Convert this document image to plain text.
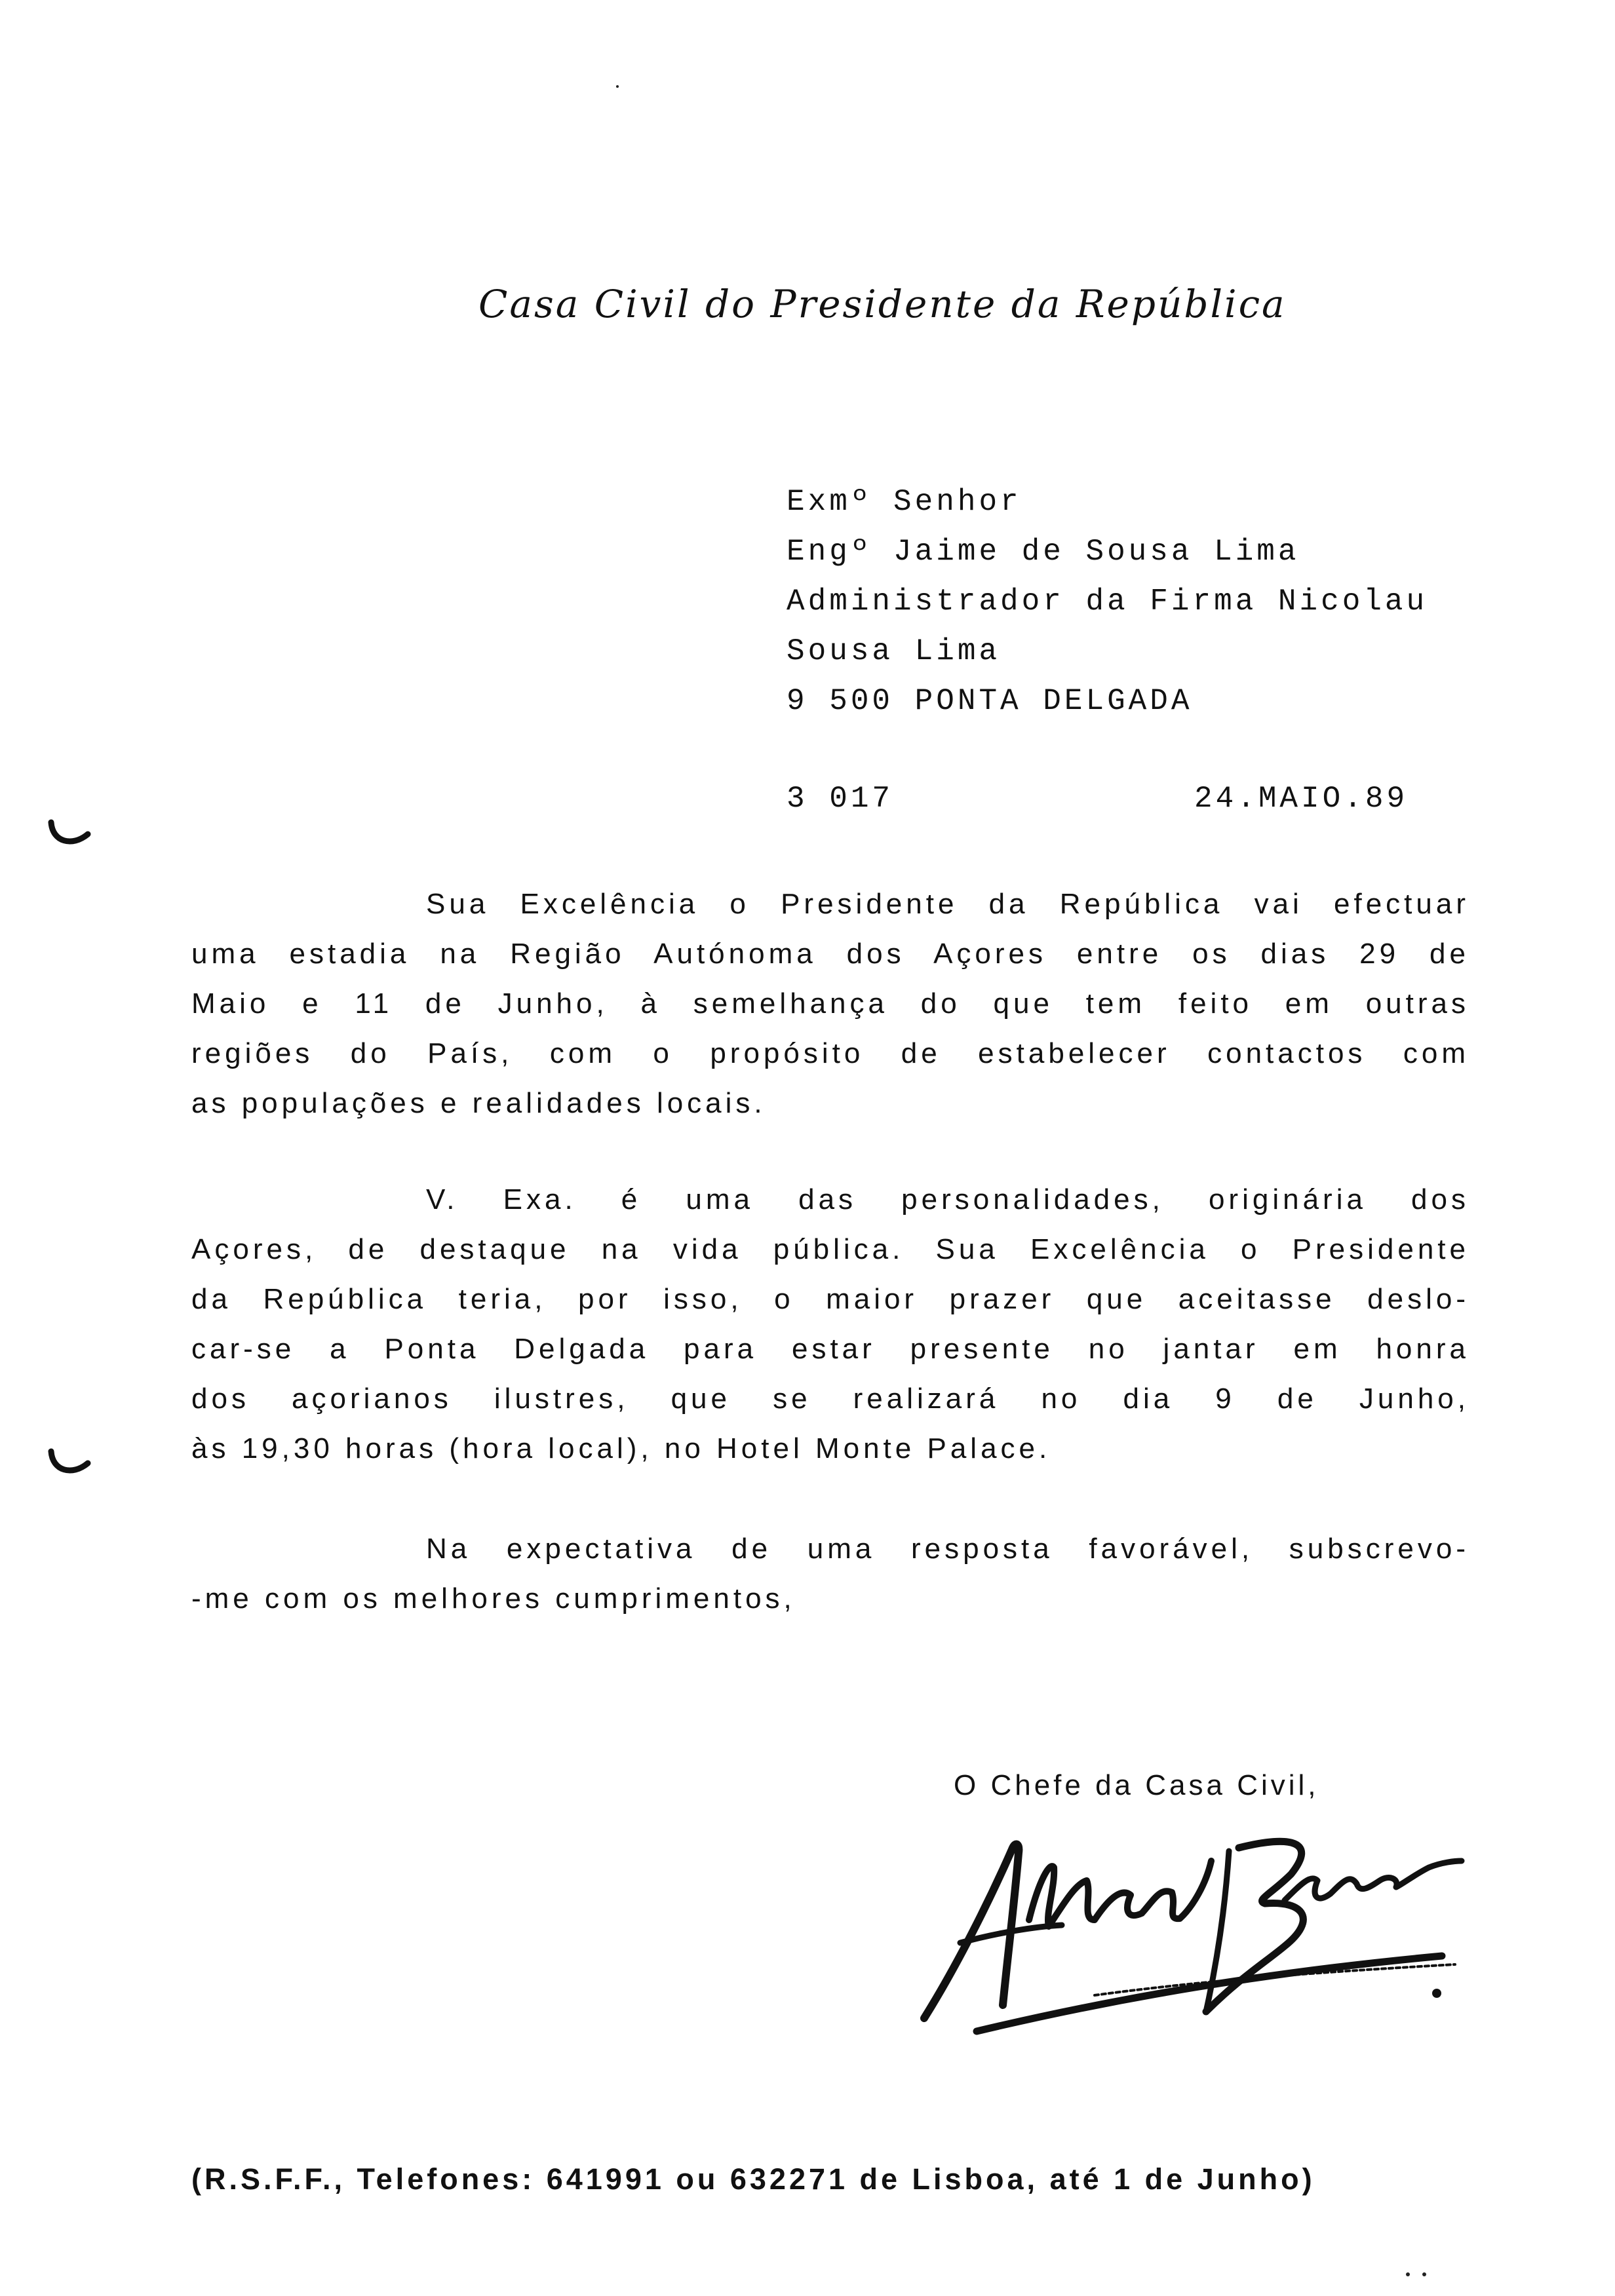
Casa Civil do Presidente da República
Exmº Senhor
Engº Jaime de Sousa Lima
Administrador da Firma Nicolau
Sousa Lima
9 500 PONTA DELGADA
3 017	24.MAIO.89
Sua Excelência o Presidente da República vai efectuar
uma estadia na Região Autónoma dos Açores entre os dias 29 de
Maio e 11 de Junho, à semelhança do que tem feito em outras
regiões do País, com o propósito de estabelecer contactos com
as populações e realidades locais.
V. Exa. é uma das personalidades, originária dos
Açores, de destaque na vida pública. Sua Excelência o Presidente
da República teria, por isso, o maior prazer que aceitasse deslo-
car-se a Ponta Delgada para estar presente no jantar em honra
dos açorianos ilustres, que se realizará no dia 9 de Junho,
às 19,30 horas (hora local), no Hotel Monte Palace.
Na expectativa de uma resposta favorável, subscrevo-
-me com os melhores cumprimentos,
O Chefe da Casa Civil,
(R.S.F.F., Telefones: 641991 ou 632271 de Lisboa, até 1 de Junho)
